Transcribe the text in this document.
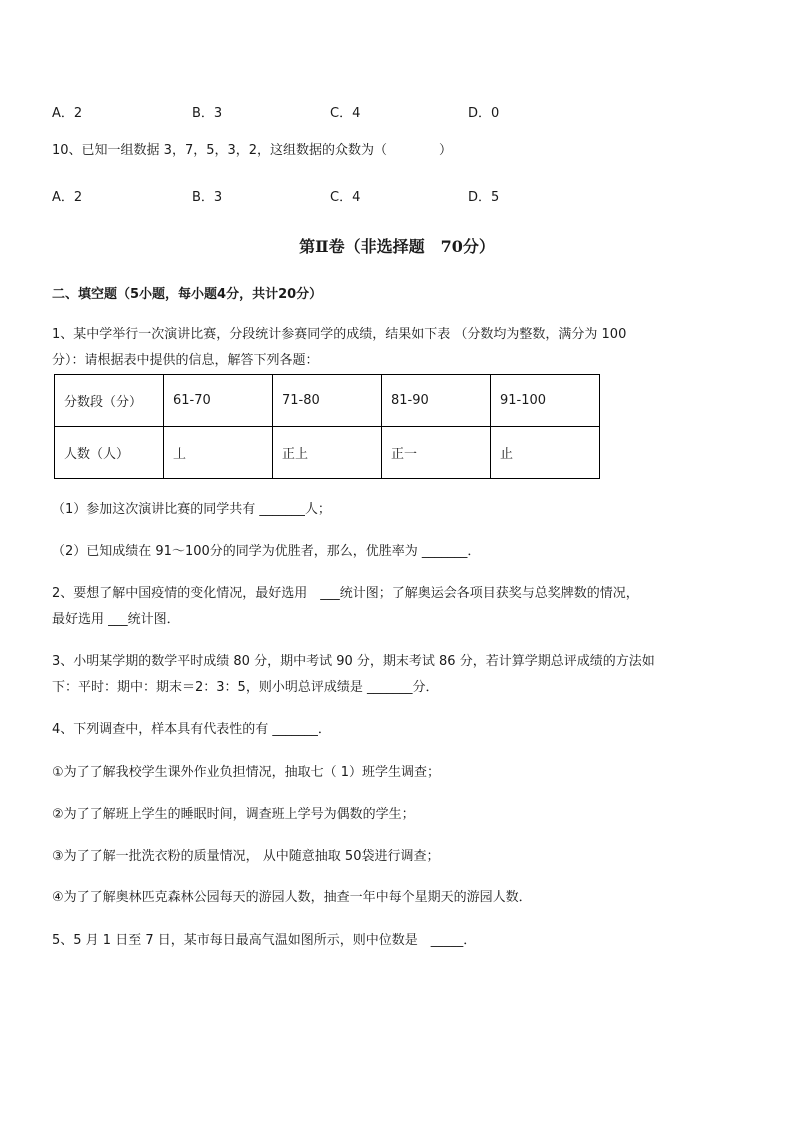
A．2	B．3	C．4	D．0
10、已知一组数据 3，7，5，3，2，这组数据的众数为（　　　　）
A．2	B．3	C．4	D．5
第Ⅱ卷（非选择题　70分）
二、填空题（5小题，每小题4分，共计20分）
1、某中学举行一次演讲比赛，分段统计参赛同学的成绩，结果如下表 （分数均为整数，满分为 100
分）：请根据表中提供的信息，解答下列各题：
分数段（分）	61-70	71-80	81-90	91-100
人数（人）	丄	正上	正一	止
（1）参加这次演讲比赛的同学共有 _______人；
（2）已知成绩在 91～100分的同学为优胜者，那么，优胜率为 _______．
2、要想了解中国疫情的变化情况，最好选用　___统计图；了解奥运会各项目获奖与总奖牌数的情况，
最好选用 ___统计图．
3、小明某学期的数学平时成绩 80 分，期中考试 90 分，期末考试 86 分，若计算学期总评成绩的方法如
下：平时：期中：期末＝2：3：5，则小明总评成绩是 _______分．
4、下列调查中，样本具有代表性的有 _______．
①为了了解我校学生课外作业负担情况，抽取七（ 1）班学生调查；
②为了了解班上学生的睡眠时间，调查班上学号为偶数的学生；
③为了了解一批洗衣粉的质量情况， 从中随意抽取 50袋进行调查；
④为了了解奥林匹克森林公园每天的游园人数，抽查一年中每个星期天的游园人数．
5、5 月 1 日至 7 日，某市每日最高气温如图所示，则中位数是　_____．
